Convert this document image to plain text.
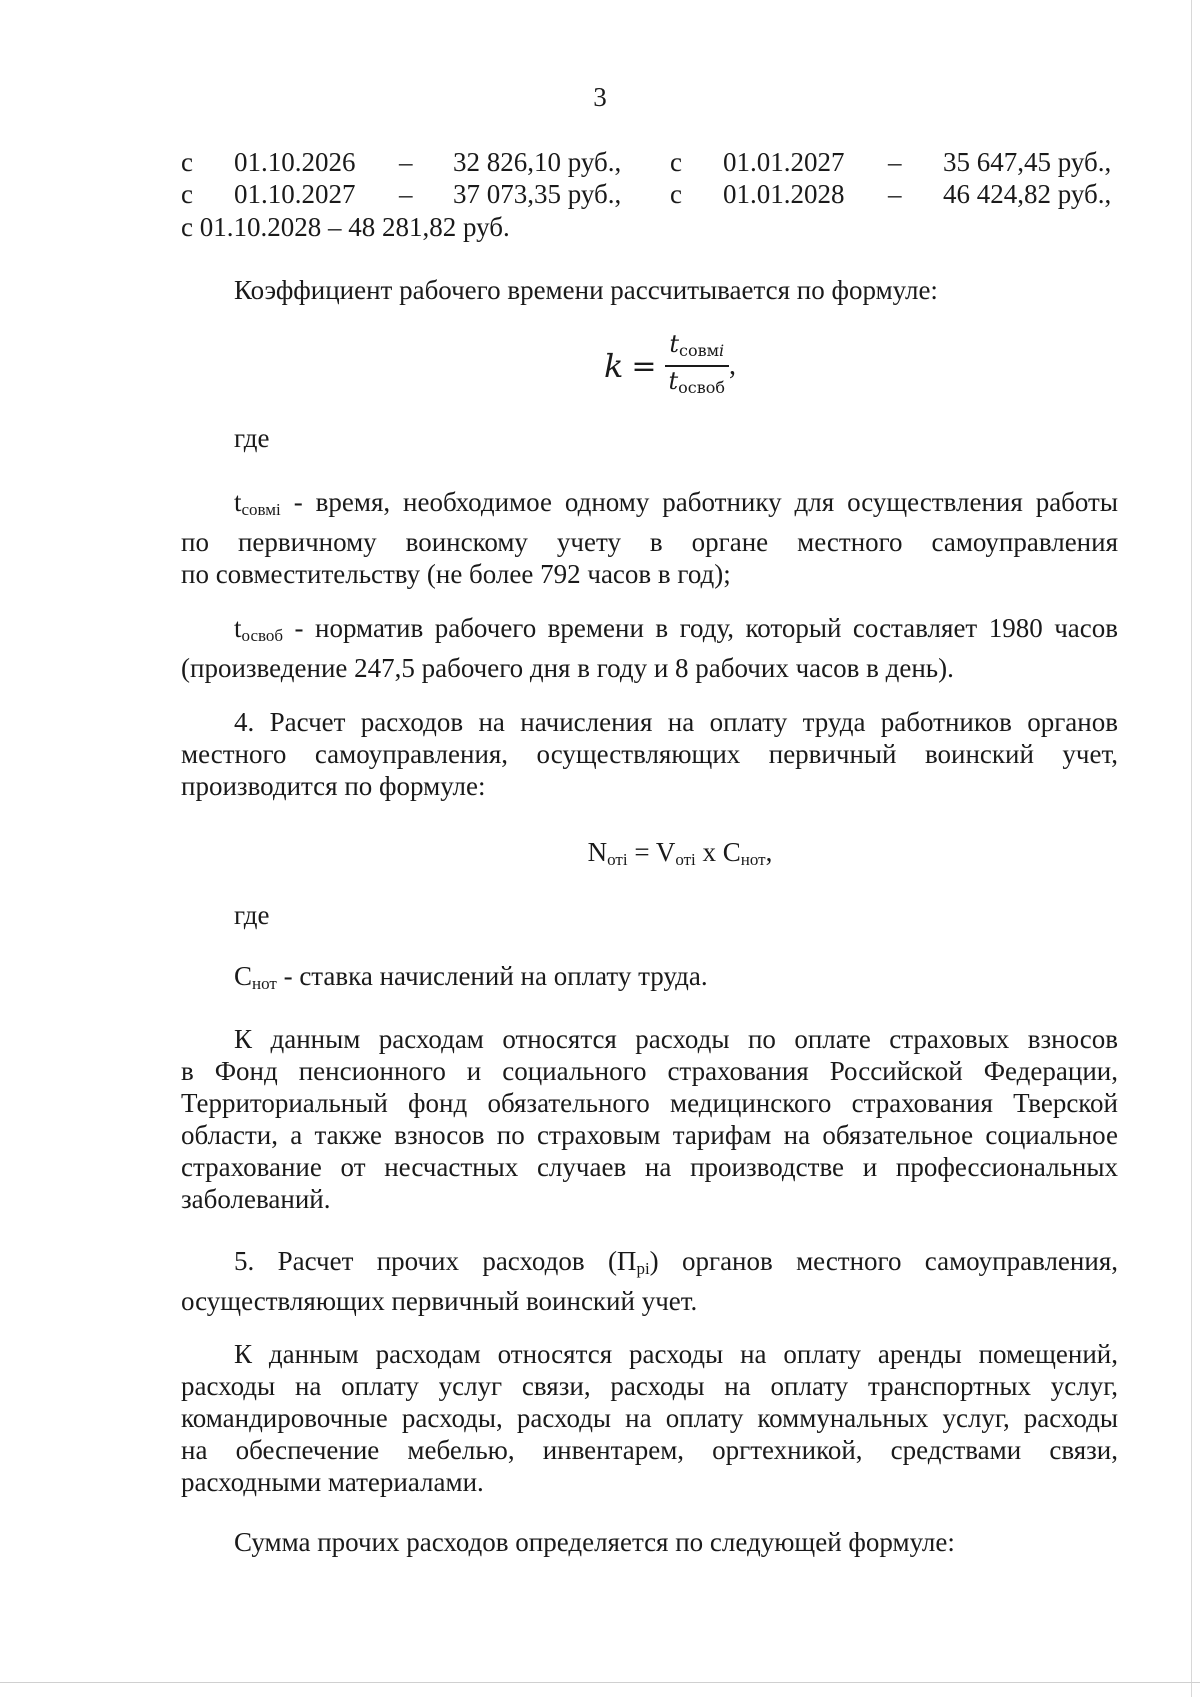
3
с 01.10.2026 – 32 826,10 руб., с 01.01.2027 – 35 647,45 руб.,
с 01.10.2027 – 37 073,35 руб., с 01.01.2028 – 46 424,82 руб.,
с 01.10.2028 – 48 281,82 руб.
Коэффициент рабочего времени рассчитывается по формуле:
$k = \frac{\text{tсовмi}}{\text{tосвоб}}$ ,
где
$t_{совмi}$ - время, необходимое одному работнику для осуществления работы
по первичному воинскому учету в органе местного самоуправления
по совместительству (не более 792 часов в год);
$t_{освоб}$ - норматив рабочего времени в году, который составляет 1980 часов
(произведение 247,5 рабочего дня в году и 8 рабочих часов в день).
4. Расчет расходов на начисления на оплату труда работников органов
местного самоуправления, осуществляющих первичный воинский учет,
производится по формуле:
$N_{отi} = V_{отi}$ x $C_{нот}$,
где
$C_{нот}$ - ставка начислений на оплату труда.
К данным расходам относятся расходы по оплате страховых взносов
в Фонд пенсионного и социального страхования Российской Федерации,
Территориальный фонд обязательного медицинского страхования Тверской
области, а также взносов по страховым тарифам на обязательное социальное
страхование от несчастных случаев на производстве и профессиональных
заболеваний.
5. Расчет прочих расходов $(П_{pi})$ органов местного самоуправления,
осуществляющих первичный воинский учет.
К данным расходам относятся расходы на оплату аренды помещений,
расходы на оплату услуг связи, расходы на оплату транспортных услуг,
командировочные расходы, расходы на оплату коммунальных услуг, расходы
на обеспечение мебелью, инвентарем, оргтехникой, средствами связи,
расходными материалами.
Сумма прочих расходов определяется по следующей формуле:
